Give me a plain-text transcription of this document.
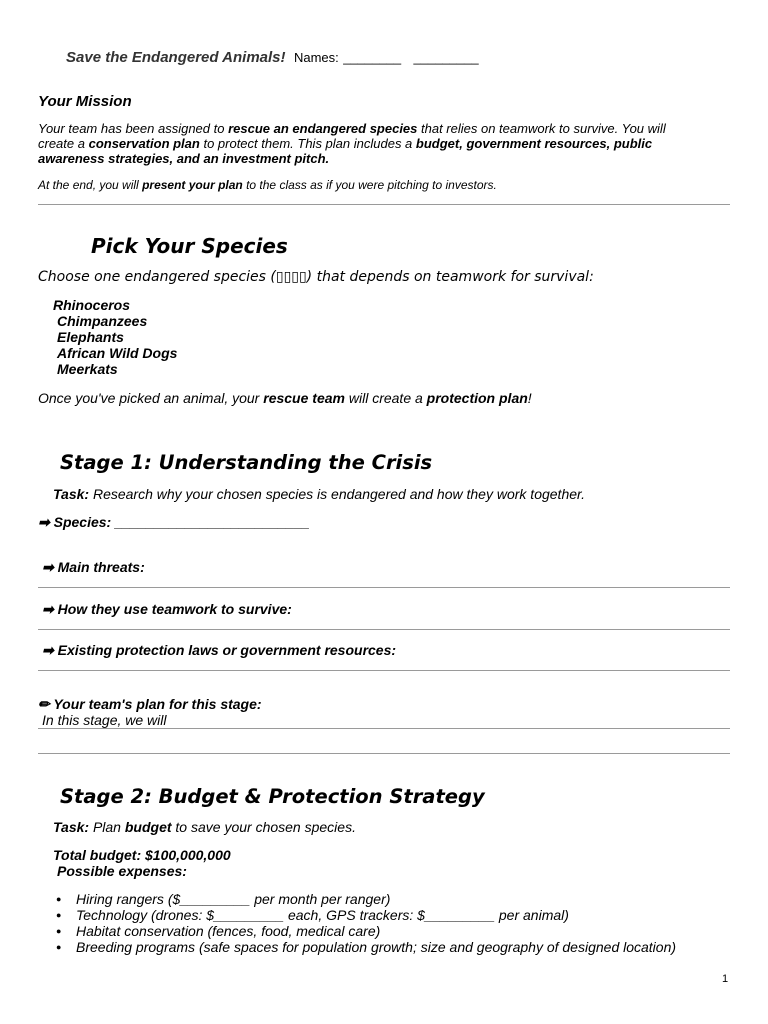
Save the Endangered Animals! Names: ________ _________
Your Mission
Your team has been assigned to rescue an endangered species that relies on teamwork to survive. You will
create a conservation plan to protect them. This plan includes a budget, government resources, public
awareness strategies, and an investment pitch.
At the end, you will present your plan to the class as if you were pitching to investors.
Pick Your Species
Choose one endangered species (▯▯▯▯) that depends on teamwork for survival:
Rhinoceros
Chimpanzees
Elephants
African Wild Dogs
Meerkats
Once you've picked an animal, your rescue team will create a protection plan!
Stage 1: Understanding the Crisis
Task: Research why your chosen species is endangered and how they work together.
➡ Species: _________________________
➡ Main threats:
➡ How they use teamwork to survive:
➡ Existing protection laws or government resources:
✏ Your team's plan for this stage:
In this stage, we will
Stage 2: Budget & Protection Strategy
Task: Plan budget to save your chosen species.
Total budget: $100,000,000
Possible expenses:
● Hiring rangers ($_________ per month per ranger)
● Technology (drones: $_________ each, GPS trackers: $_________ per animal)
● Habitat conservation (fences, food, medical care)
● Breeding programs (safe spaces for population growth; size and geography of designed location)
1
